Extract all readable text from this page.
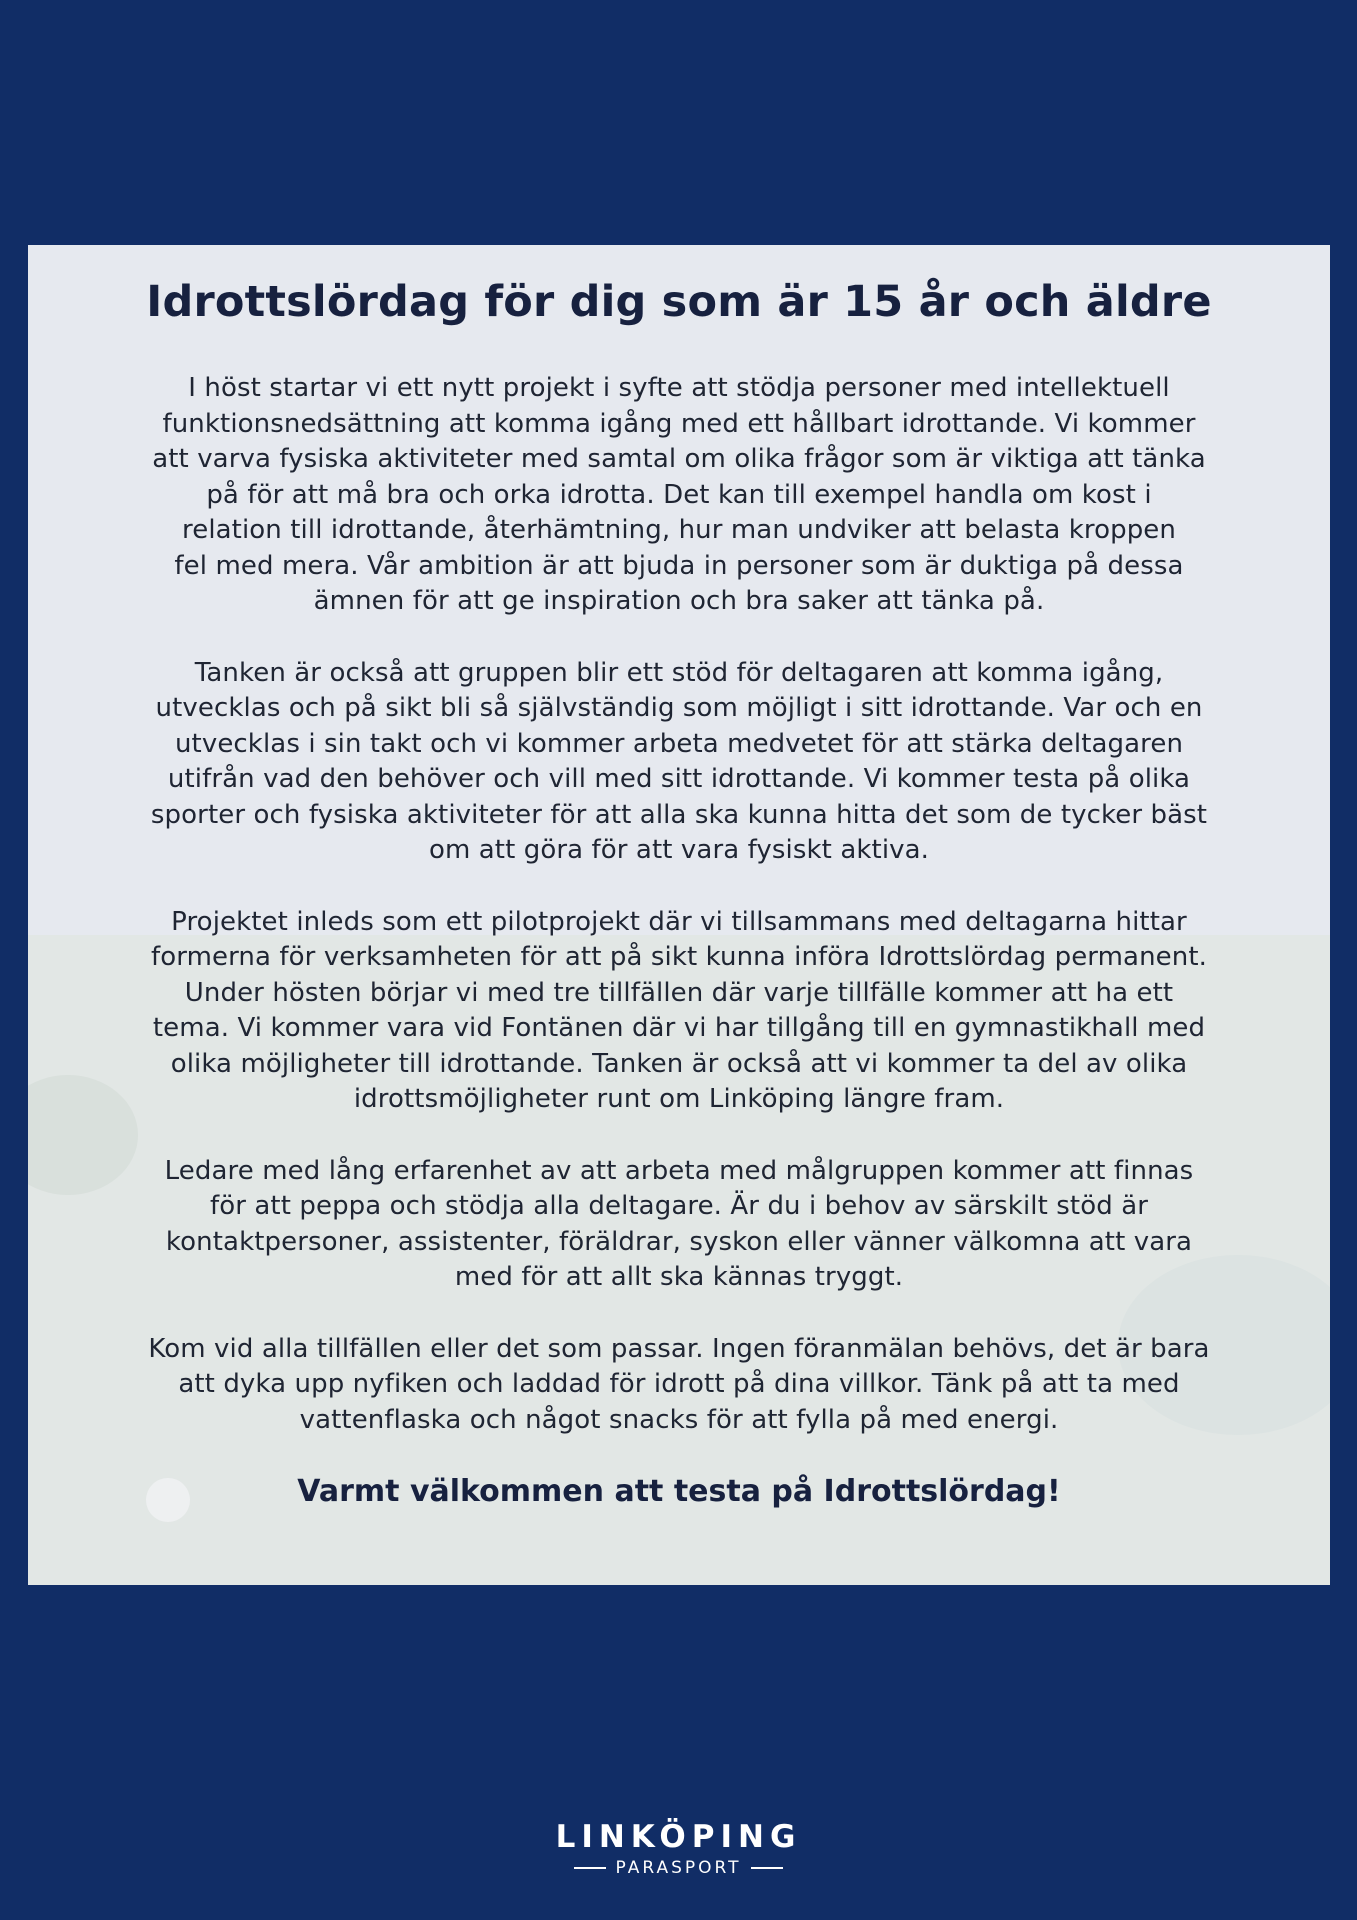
Idrottslördag för dig som är 15 år och äldre

I höst startar vi ett nytt projekt i syfte att stödja personer med intellektuell
funktionsnedsättning att komma igång med ett hållbart idrottande. Vi kommer
att varva fysiska aktiviteter med samtal om olika frågor som är viktiga att tänka
på för att må bra och orka idrotta. Det kan till exempel handla om kost i
relation till idrottande, återhämtning, hur man undviker att belasta kroppen
fel med mera. Vår ambition är att bjuda in personer som är duktiga på dessa
ämnen för att ge inspiration och bra saker att tänka på.

Tanken är också att gruppen blir ett stöd för deltagaren att komma igång,
utvecklas och på sikt bli så självständig som möjligt i sitt idrottande. Var och en
utvecklas i sin takt och vi kommer arbeta medvetet för att stärka deltagaren
utifrån vad den behöver och vill med sitt idrottande. Vi kommer testa på olika
sporter och fysiska aktiviteter för att alla ska kunna hitta det som de tycker bäst
om att göra för att vara fysiskt aktiva.

Projektet inleds som ett pilotprojekt där vi tillsammans med deltagarna hittar
formerna för verksamheten för att på sikt kunna införa Idrottslördag permanent.
Under hösten börjar vi med tre tillfällen där varje tillfälle kommer att ha ett
tema. Vi kommer vara vid Fontänen där vi har tillgång till en gymnastikhall med
olika möjligheter till idrottande. Tanken är också att vi kommer ta del av olika
idrottsmöjligheter runt om Linköping längre fram.

Ledare med lång erfarenhet av att arbeta med målgruppen kommer att finnas
för att peppa och stödja alla deltagare. Är du i behov av särskilt stöd är
kontaktpersoner, assistenter, föräldrar, syskon eller vänner välkomna att vara
med för att allt ska kännas tryggt.

Kom vid alla tillfällen eller det som passar. Ingen föranmälan behövs, det är bara
att dyka upp nyfiken och laddad för idrott på dina villkor. Tänk på att ta med
vattenflaska och något snacks för att fylla på med energi.

Varmt välkommen att testa på Idrottslördag!
LINKÖPING
PARASPORT
